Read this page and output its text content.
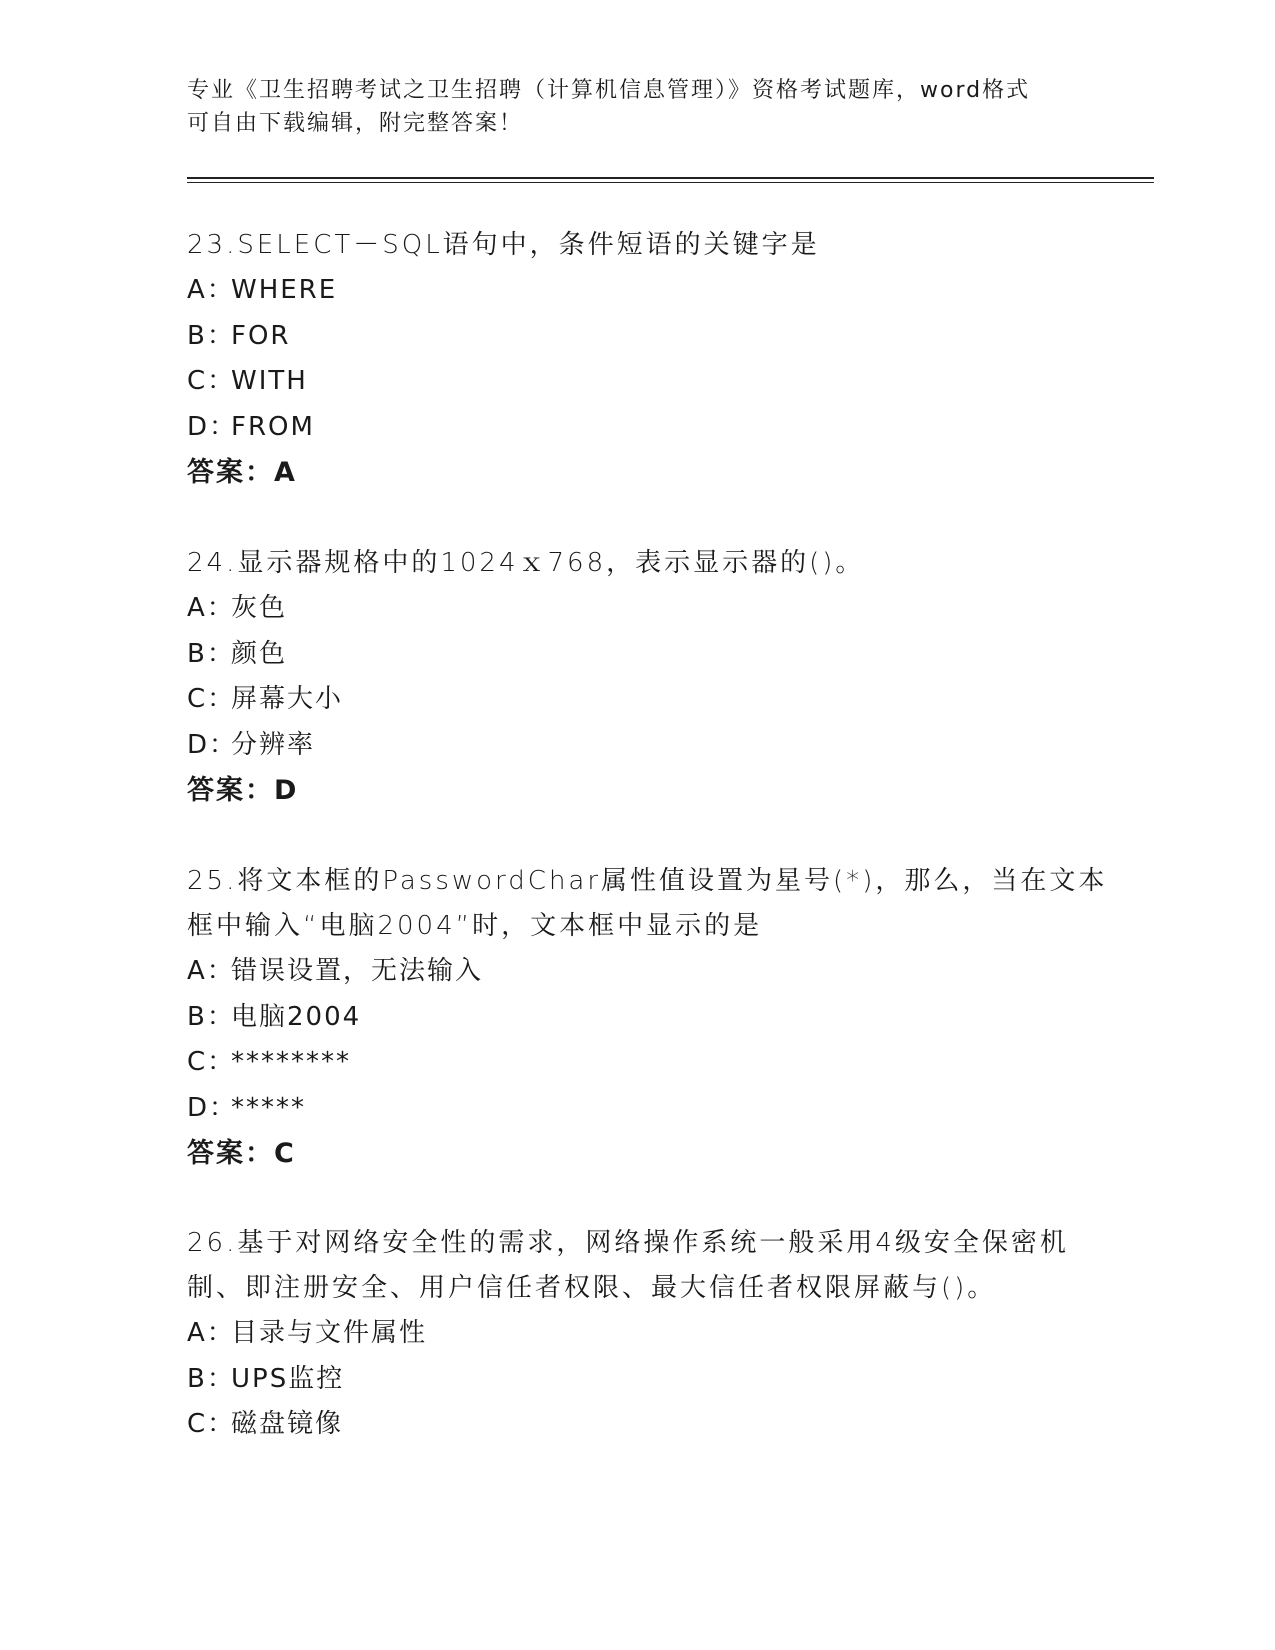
专业《卫生招聘考试之卫生招聘（计算机信息管理）》资格考试题库，word格式
可自由下载编辑，附完整答案！
23.SELECT－SQL语句中，条件短语的关键字是
A：WHERE
B：FOR
C：WITH
D：FROM
答案：A
24.显示器规格中的1024ｘ768，表示显示器的()。
A：灰色
B：颜色
C：屏幕大小
D：分辨率
答案：D
25.将文本框的PasswordChar属性值设置为星号(*)，那么，当在文本
框中输入“电脑2004”时，文本框中显示的是
A：错误设置，无法输入
B：电脑2004
C：********
D：*****
答案：C
26.基于对网络安全性的需求，网络操作系统一般采用4级安全保密机
制、即注册安全、用户信任者权限、最大信任者权限屏蔽与()。
A：目录与文件属性
B：UPS监控
C：磁盘镜像
